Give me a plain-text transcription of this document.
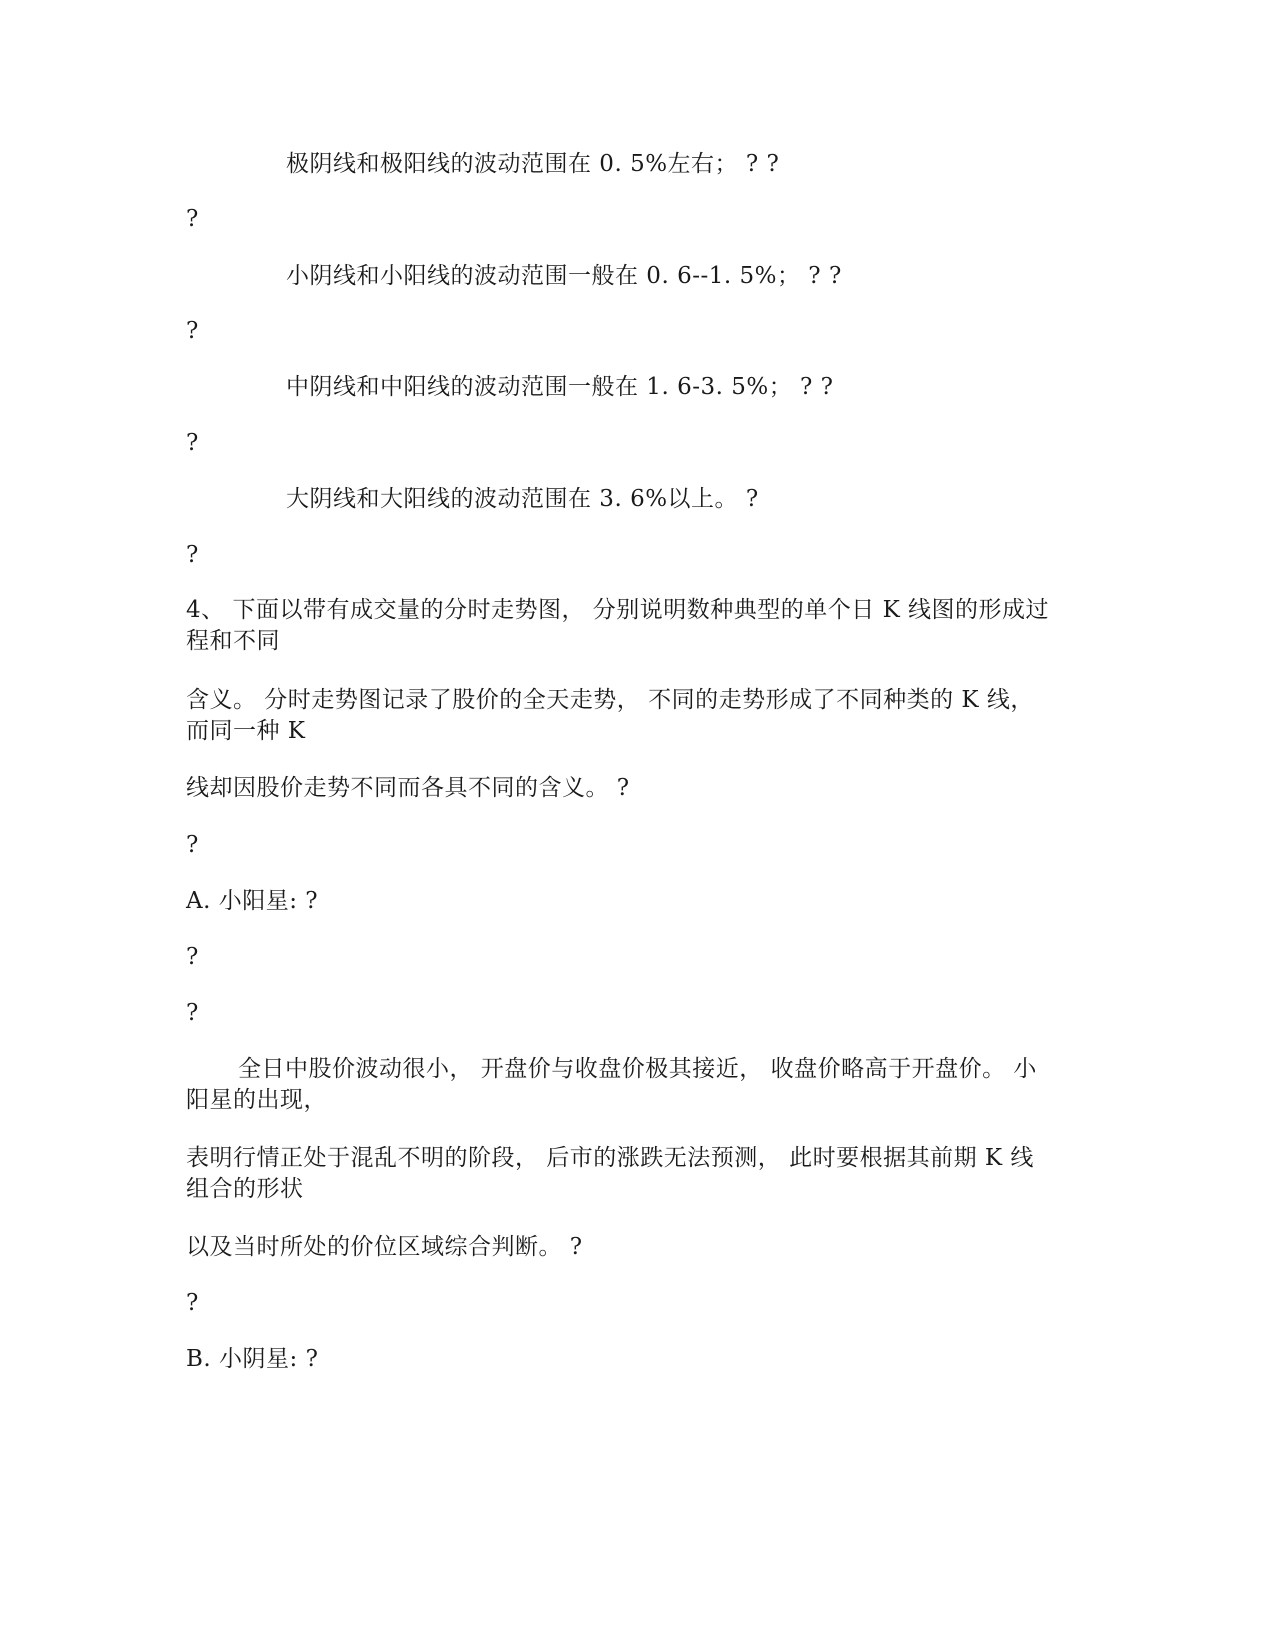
极阴线和极阳线的波动范围在 0. 5%左右； ? ?
?
小阴线和小阳线的波动范围一般在 0. 6--1. 5%； ? ?
?
中阴线和中阳线的波动范围一般在 1. 6-3. 5%； ? ?
?
大阴线和大阳线的波动范围在 3. 6%以上。 ?
?
4、 下面以带有成交量的分时走势图， 分别说明数种典型的单个日 K 线图的形成过
程和不同
含义。 分时走势图记录了股价的全天走势， 不同的走势形成了不同种类的 K 线，
而同一种 K
线却因股价走势不同而各具不同的含义。 ?
?
A. 小阳星: ?
?
?
全日中股价波动很小， 开盘价与收盘价极其接近， 收盘价略高于开盘价。 小
阳星的出现，
表明行情正处于混乱不明的阶段， 后市的涨跌无法预测， 此时要根据其前期 K 线
组合的形状
以及当时所处的价位区域综合判断。 ?
?
B. 小阴星: ?
